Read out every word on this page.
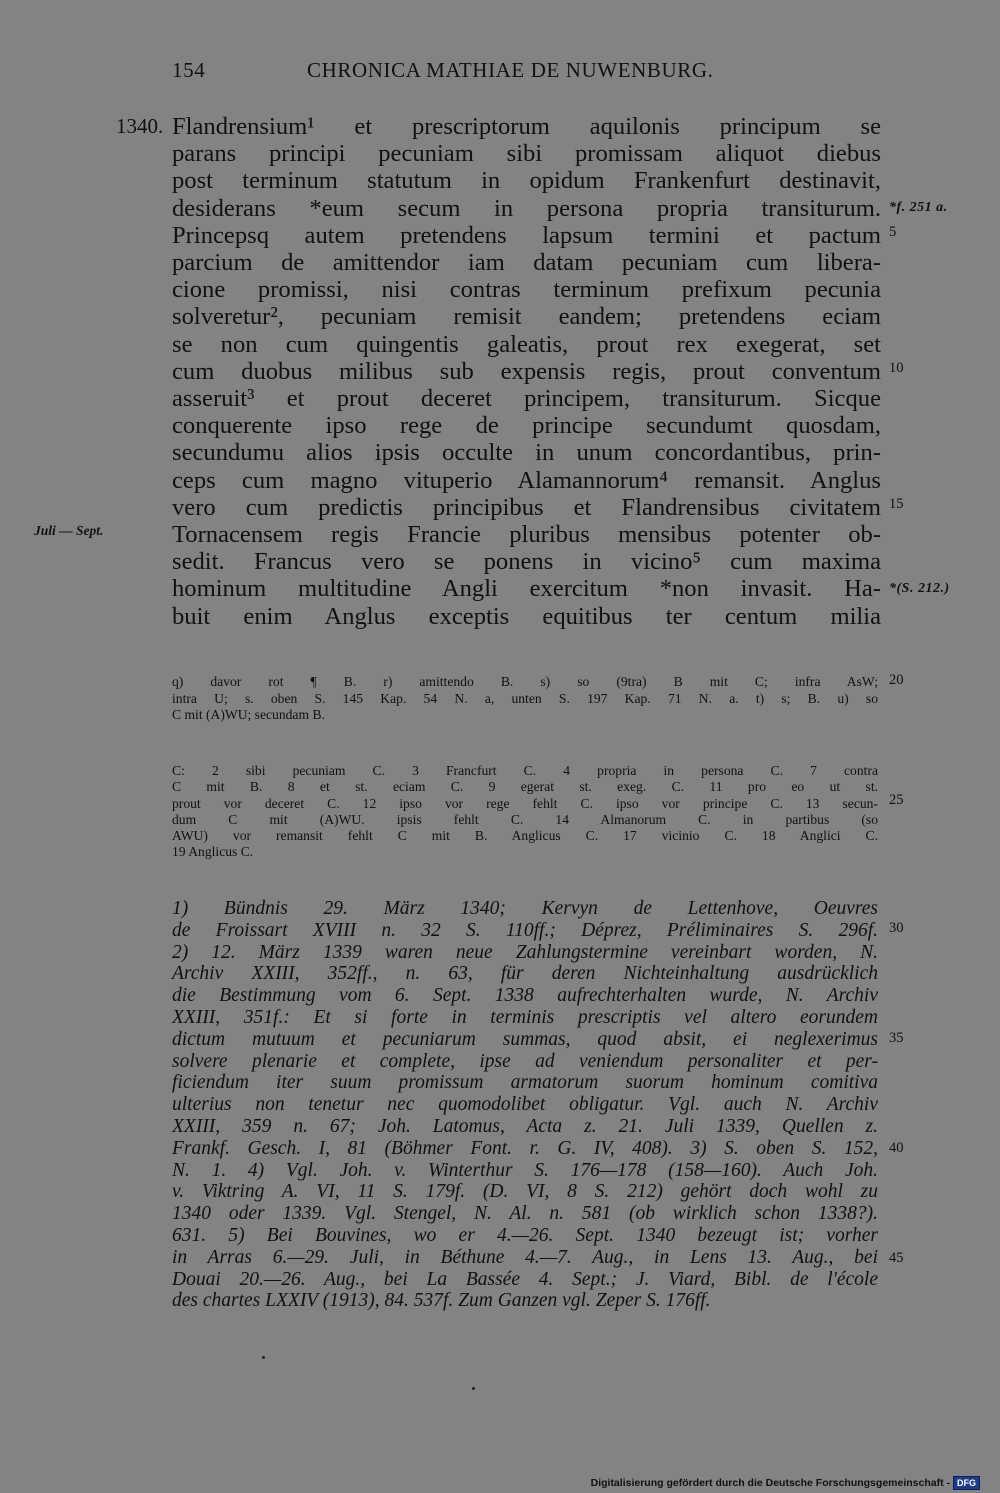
154	CHRONICA MATHIAE DE NUWENBURG.
1340. Flandrensium¹ et prescriptorum aquilonis principum se
parans principi pecuniam sibi promissam aliquot diebus
post terminum statutum in opidum Frankenfurt destinavit,
desiderans *eum secum in persona propria transiturum.
Princepsq autem pretendens lapsum termini et pactum
parcium de amittendor iam datam pecuniam cum libera-
cione promissi, nisi contras terminum prefixum pecunia
solveretur², pecuniam remisit eandem; pretendens eciam
se non cum quingentis galeatis, prout rex exegerat, set
cum duobus milibus sub expensis regis, prout conventum
asseruit³ et prout deceret principem, transiturum. Sicque
conquerente ipso rege de principe secundumt quosdam,
secundumu alios ipsis occulte in unum concordantibus, prin-
ceps cum magno vituperio Alamannorum⁴ remansit. Anglus
vero cum predictis principibus et Flandrensibus civitatem
Tornacensem regis Francie pluribus mensibus potenter ob-
sedit. Francus vero se ponens in vicino⁵ cum maxima
hominum multitudine Angli exercitum *non invasit. Ha-
buit enim Anglus exceptis equitibus ter centum milia
Juli — Sept.
*f. 251 a.
*(S. 212.)
5
10
15
20
25
30
35
40
45
q) davor rot ¶ B. r) amittendo B. s) so (9tra) B mit C; infra AsW;
intra U; s. oben S. 145 Kap. 54 N. a, unten S. 197 Kap. 71 N. a. t) s; B. u) so
C mit (A)WU; secundam B.
C: 2 sibi pecuniam C. 3 Francfurt C. 4 propria in persona C. 7 contra
C mit B. 8 et st. eciam C. 9 egerat st. exeg. C. 11 pro eo ut st.
prout vor deceret C. 12 ipso vor rege fehlt C. ipso vor principe C. 13 secun-
dum C mit (A)WU. ipsis fehlt C. 14 Almanorum C. in partibus (so
AWU) vor remansit fehlt C mit B. Anglicus C. 17 vicinio C. 18 Anglici C.
19 Anglicus C.
1) Bündnis 29. März 1340; Kervyn de Lettenhove, Oeuvres
de Froissart XVIII n. 32 S. 110ff.; Déprez, Préliminaires S. 296f.
2) 12. März 1339 waren neue Zahlungstermine vereinbart worden, N.
Archiv XXIII, 352ff., n. 63, für deren Nichteinhaltung ausdrücklich
die Bestimmung vom 6. Sept. 1338 aufrechterhalten wurde, N. Archiv
XXIII, 351f.: Et si forte in terminis prescriptis vel altero eorundem
dictum mutuum et pecuniarum summas, quod absit, ei neglexerimus
solvere plenarie et complete, ipse ad veniendum personaliter et per-
ficiendum iter suum promissum armatorum suorum hominum comitiva
ulterius non tenetur nec quomodolibet obligatur. Vgl. auch N. Archiv
XXIII, 359 n. 67; Joh. Latomus, Acta z. 21. Juli 1339, Quellen z.
Frankf. Gesch. I, 81 (Böhmer Font. r. G. IV, 408). 3) S. oben S. 152,
N. 1. 4) Vgl. Joh. v. Winterthur S. 176—178 (158—160). Auch Joh.
v. Viktring A. VI, 11 S. 179f. (D. VI, 8 S. 212) gehört doch wohl zu
1340 oder 1339. Vgl. Stengel, N. Al. n. 581 (ob wirklich schon 1338?).
631. 5) Bei Bouvines, wo er 4.—26. Sept. 1340 bezeugt ist; vorher
in Arras 6.—29. Juli, in Béthune 4.—7. Aug., in Lens 13. Aug., bei
Douai 20.—26. Aug., bei La Bassée 4. Sept.; J. Viard, Bibl. de l'école
des chartes LXXIV (1913), 84. 537f. Zum Ganzen vgl. Zeper S. 176ff.
Digitalisierung gefördert durch die Deutsche Forschungsgemeinschaft - DFG
